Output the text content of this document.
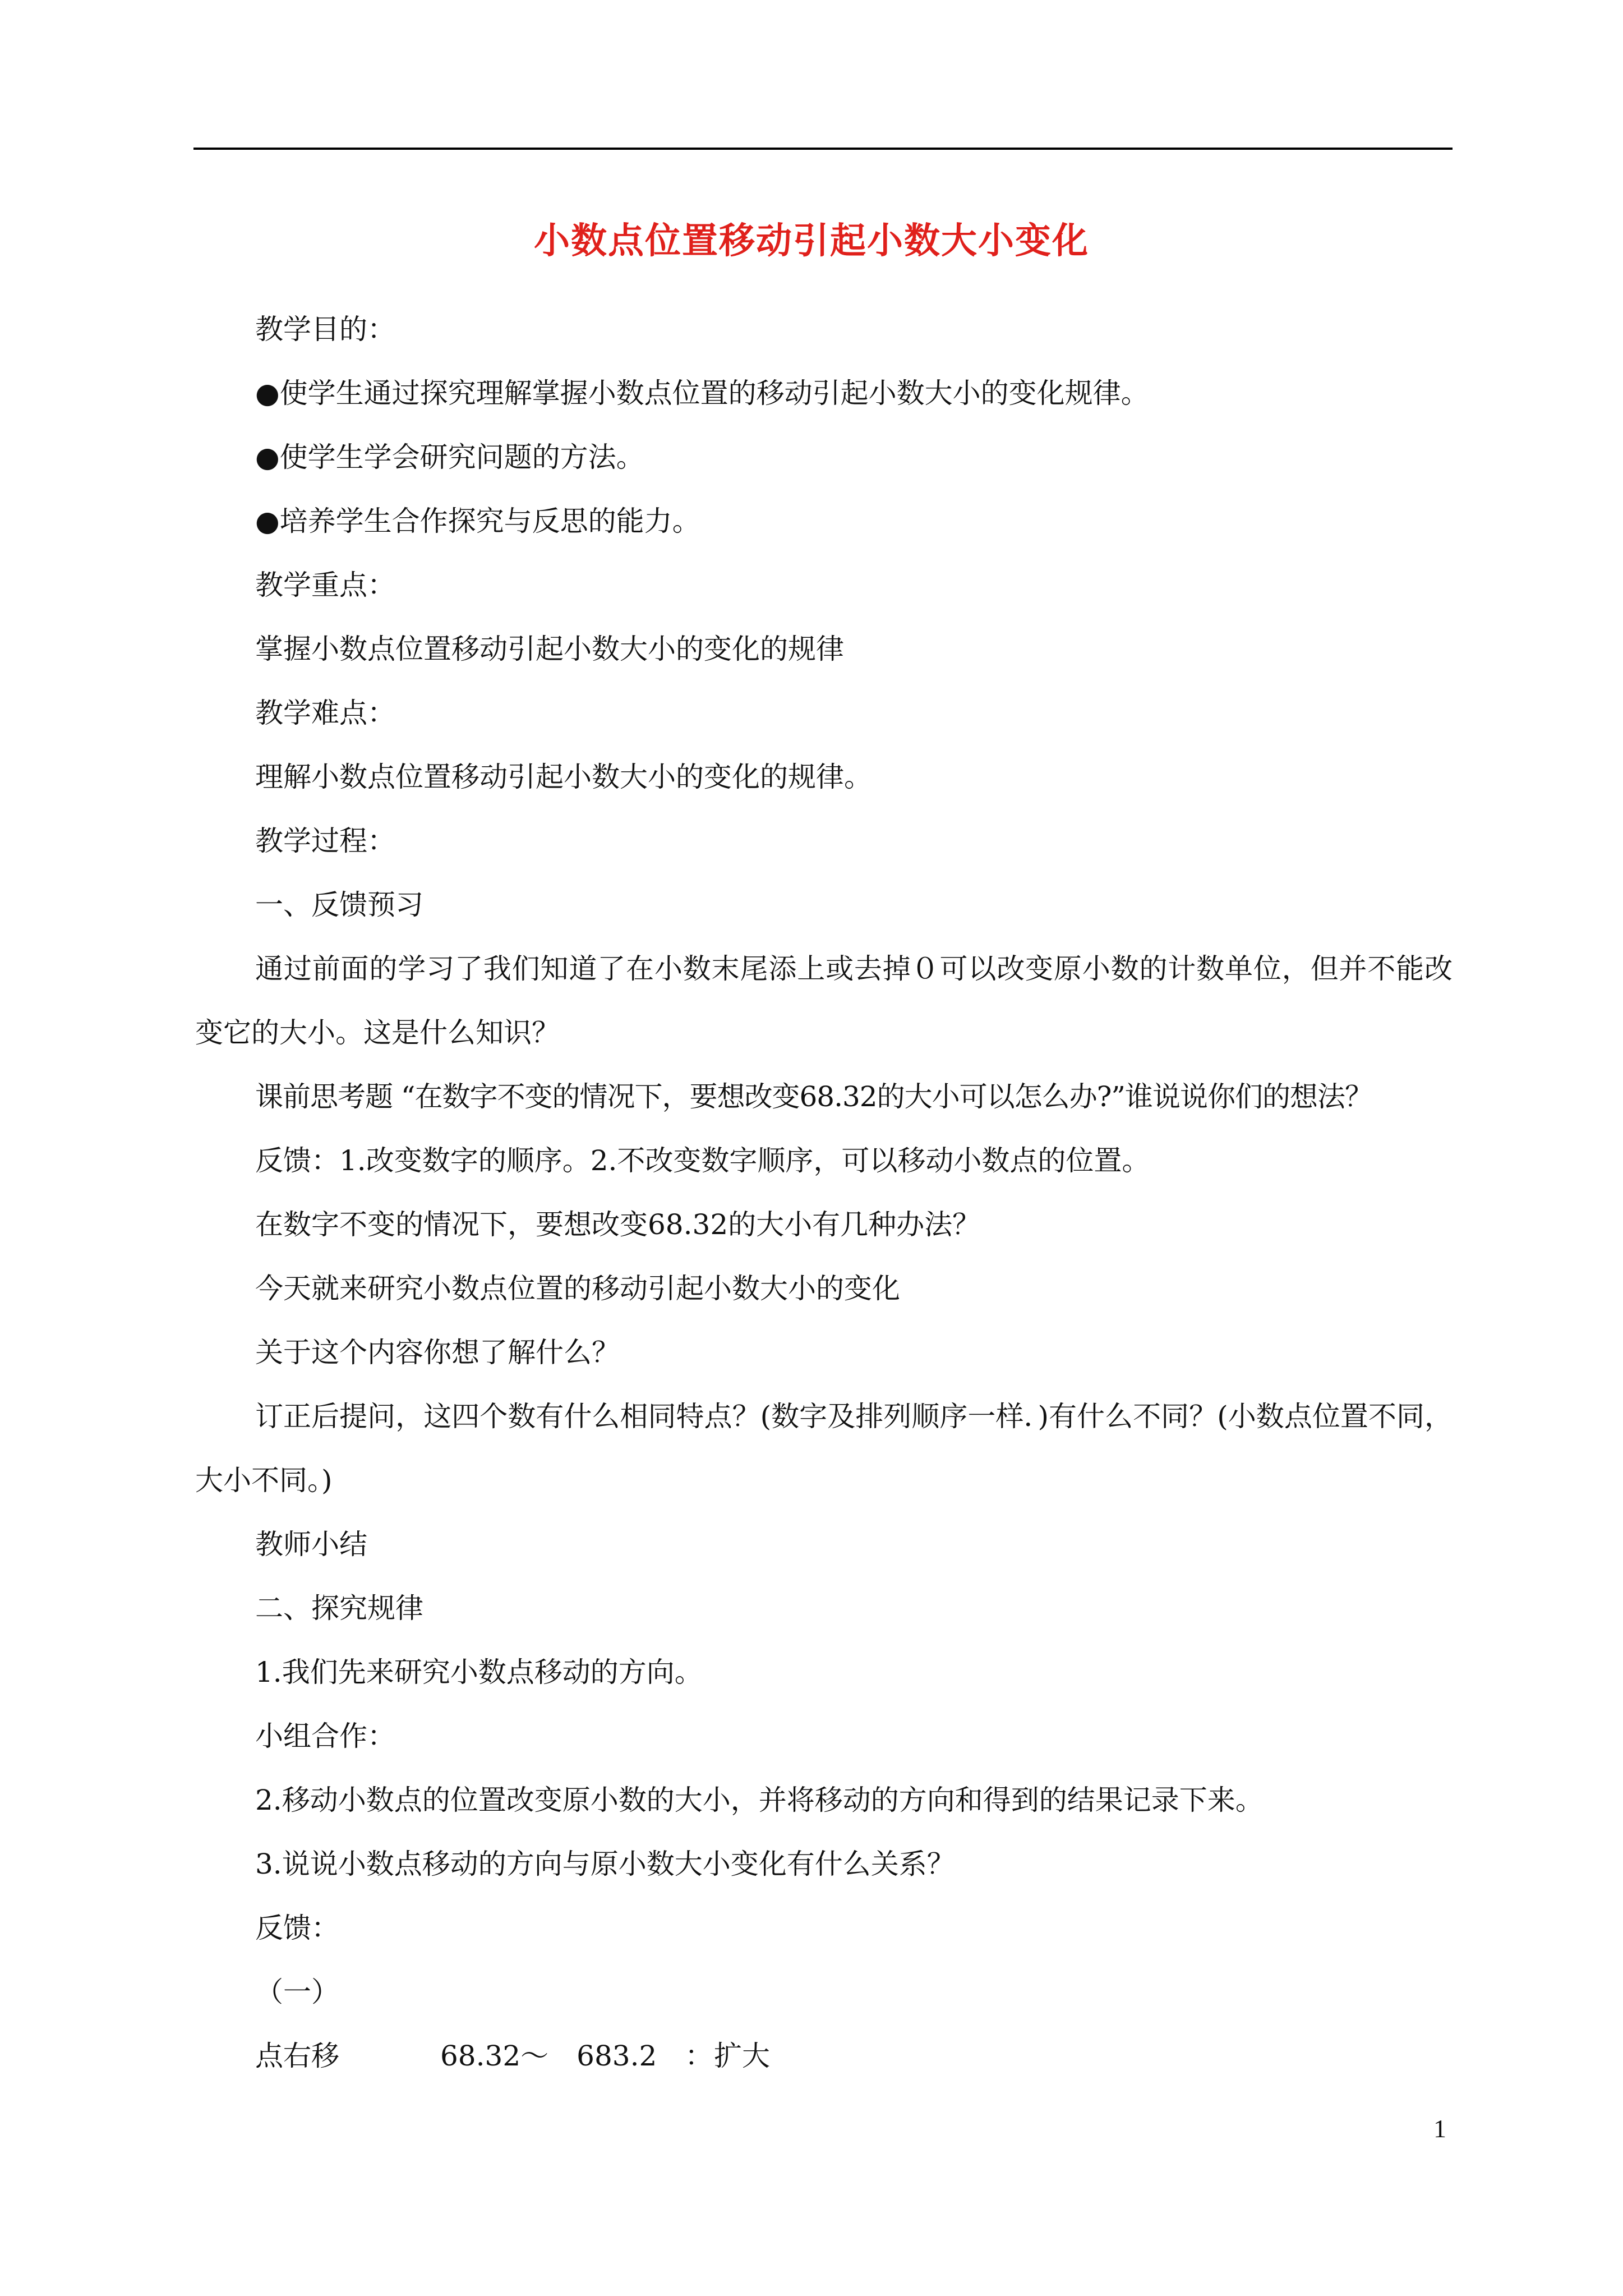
小数点位置移动引起小数大小变化

教学目的：

●使学生通过探究理解掌握小数点位置的移动引起小数大小的变化规律。

●使学生学会研究问题的方法。

●培养学生合作探究与反思的能力。

教学重点：

掌握小数点位置移动引起小数大小的变化的规律

教学难点：

理解小数点位置移动引起小数大小的变化的规律。

教学过程：

一、反馈预习

通过前面的学习了我们知道了在小数末尾添上或去掉０可以改变原小数的计数单位，但并不能改变它的大小。这是什么知识？

课前思考题 “在数字不变的情况下，要想改变68.32的大小可以怎么办?”谁说说你们的想法？

反馈：1.改变数字的顺序。2.不改变数字顺序，可以移动小数点的位置。

在数字不变的情况下，要想改变68.32的大小有几种办法？

今天就来研究小数点位置的移动引起小数大小的变化

关于这个内容你想了解什么？

订正后提问，这四个数有什么相同特点？(数字及排列顺序一样．)有什么不同？(小数点位置不同，大小不同。)

教师小结

二、探究规律

1.我们先来研究小数点移动的方向。

小组合作：

2.移动小数点的位置改变原小数的大小，并将移动的方向和得到的结果记录下来。

3.说说小数点移动的方向与原小数大小变化有什么关系？

反馈：

（一）

点右移	68.32～　683.2　： 扩大
1
